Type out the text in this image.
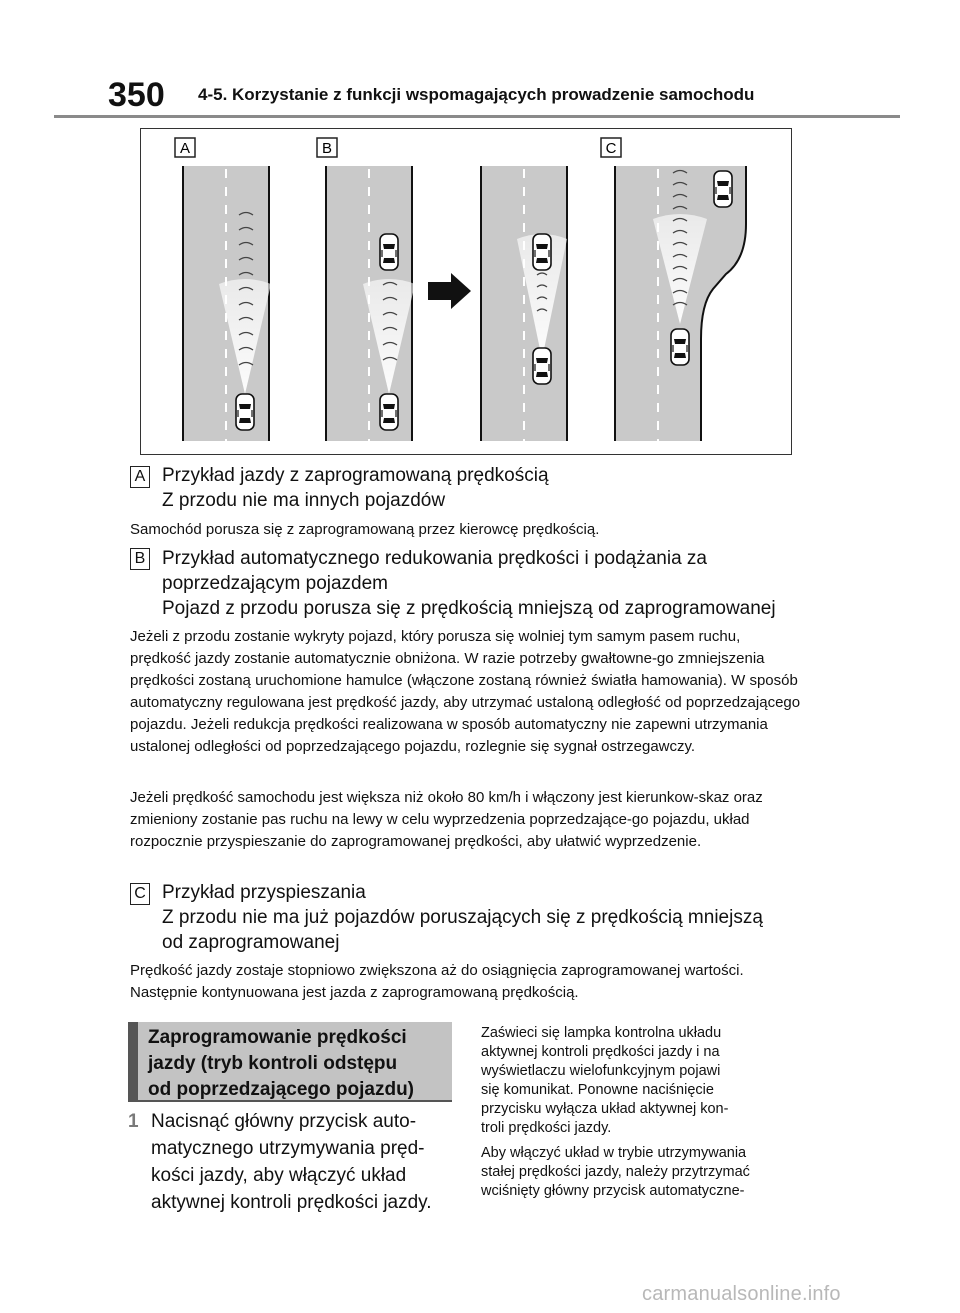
350 4-5. Korzystanie z funkcji wspomagających prowadzenie samochodu
A	B	C
A Przykład jazdy z zaprogramowaną prędkością
Z przodu nie ma innych pojazdów
Samochód porusza się z zaprogramowaną przez kierowcę prędkością.
B Przykład automatycznego redukowania prędkości i podążania za
poprzedzającym pojazdem
Pojazd z przodu porusza się z prędkością mniejszą od zaprogramowanej
Jeżeli z przodu zostanie wykryty pojazd, który porusza się wolniej tym samym pasem ruchu, prędkość jazdy zostanie automatycznie obniżona. W razie potrzeby gwałtowne-go zmniejszenia prędkości zostaną uruchomione hamulce (włączone zostaną również światła hamowania). W sposób automatyczny regulowana jest prędkość jazdy, aby utrzymać ustaloną odległość od poprzedzającego pojazdu. Jeżeli redukcja prędkości realizowana w sposób automatyczny nie zapewni utrzymania ustalonej odległości od poprzedzającego pojazdu, rozlegnie się sygnał ostrzegawczy.
Jeżeli prędkość samochodu jest większa niż około 80 km/h i włączony jest kierunkow-skaz oraz zmieniony zostanie pas ruchu na lewy w celu wyprzedzenia poprzedzające-go pojazdu, układ rozpocznie przyspieszanie do zaprogramowanej prędkości, aby ułatwić wyprzedzenie.
C Przykład przyspieszania
Z przodu nie ma już pojazdów poruszających się z prędkością mniejszą
od zaprogramowanej
Prędkość jazdy zostaje stopniowo zwiększona aż do osiągnięcia zaprogramowanej wartości. Następnie kontynuowana jest jazda z zaprogramowaną prędkością.
Zaprogramowanie prędkości
jazdy (tryb kontroli odstępu
od poprzedzającego pojazdu)
1 Nacisnąć główny przycisk auto-
matycznego utrzymywania pręd-
kości jazdy, aby włączyć układ
aktywnej kontroli prędkości jazdy.
Zaświeci się lampka kontrolna układu
aktywnej kontroli prędkości jazdy i na
wyświetlaczu wielofunkcyjnym pojawi
się komunikat. Ponowne naciśnięcie
przycisku wyłącza układ aktywnej kon-
troli prędkości jazdy.
Aby włączyć układ w trybie utrzymywania
stałej prędkości jazdy, należy przytrzymać
wciśnięty główny przycisk automatyczne-
carmanualsonline.info
